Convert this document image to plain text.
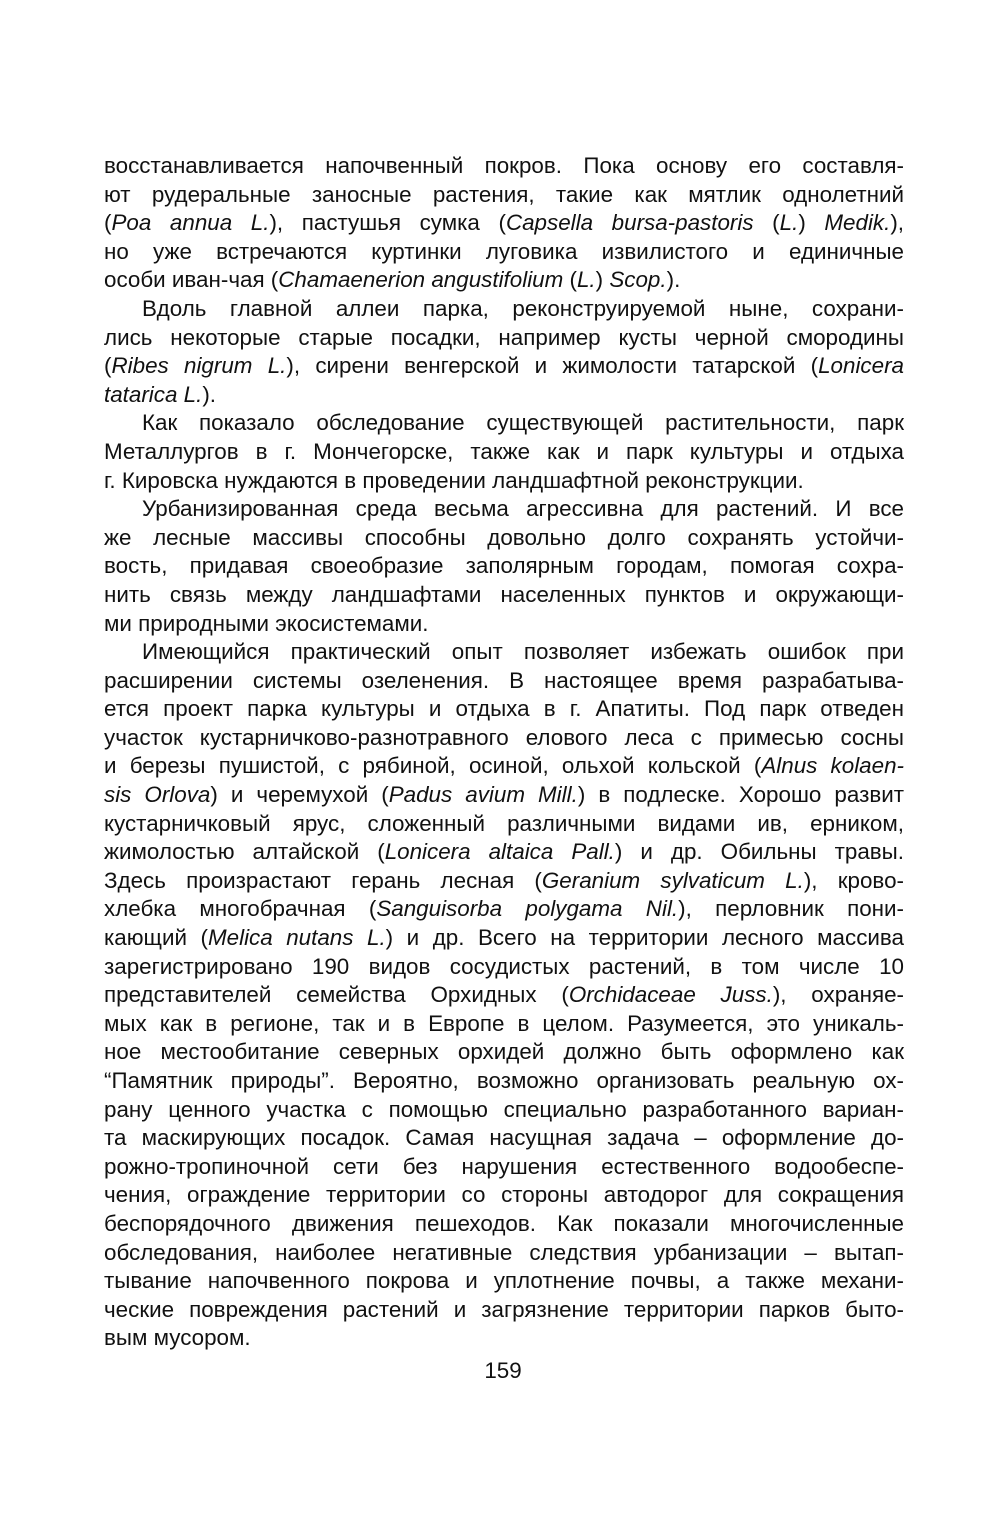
восстанавливается напочвенный покров. Пока основу его составля-
ют рудеральные заносные растения, такие как мятлик однолетний
(Poa annua L.), пастушья сумка (Capsella bursa-pastoris (L.) Medik.),
но уже встречаются куртинки луговика извилистого и единичные
особи иван-чая (Chamaenerion angustifolium (L.) Scop.).
Вдоль главной аллеи парка, реконструируемой ныне, сохрани-
лись некоторые старые посадки, например кусты черной смородины
(Ribes nigrum L.), сирени венгерской и жимолости татарской (Lonicera
tatarica L.).
Как показало обследование существующей растительности, парк
Металлургов в г. Мончегорске, также как и парк культуры и отдыха
г. Кировска нуждаются в проведении ландшафтной реконструкции.
Урбанизированная среда весьма агрессивна для растений. И все
же лесные массивы способны довольно долго сохранять устойчи-
вость, придавая своеобразие заполярным городам, помогая сохра-
нить связь между ландшафтами населенных пунктов и окружающи-
ми природными экосистемами.
Имеющийся практический опыт позволяет избежать ошибок при
расширении системы озеленения. В настоящее время разрабатыва-
ется проект парка культуры и отдыха в г. Апатиты. Под парк отведен
участок кустарничково-разнотравного елового леса с примесью сосны
и березы пушистой, с рябиной, осиной, ольхой кольской (Alnus kolaen-
sis Orlova) и черемухой (Padus avium Mill.) в подлеске. Хорошо развит
кустарничковый ярус, сложенный различными видами ив, ерником,
жимолостью алтайской (Lonicera altaica Pall.) и др. Обильны травы.
Здесь произрастают герань лесная (Geranium sylvaticum L.), крово-
хлебка многобрачная (Sanguisorba polygama Nil.), перловник пони-
кающий (Melica nutans L.) и др. Всего на территории лесного массива
зарегистрировано 190 видов сосудистых растений, в том числе 10
представителей семейства Орхидных (Orchidaceae Juss.), охраняе-
мых как в регионе, так и в Европе в целом. Разумеется, это уникаль-
ное местообитание северных орхидей должно быть оформлено как
“Памятник природы”. Вероятно, возможно организовать реальную ох-
рану ценного участка с помощью специально разработанного вариан-
та маскирующих посадок. Самая насущная задача – оформление до-
рожно-тропиночной сети без нарушения естественного водообеспе-
чения, ограждение территории со стороны автодорог для сокращения
беспорядочного движения пешеходов. Как показали многочисленные
обследования, наиболее негативные следствия урбанизации – вытап-
тывание напочвенного покрова и уплотнение почвы, а также механи-
ческие повреждения растений и загрязнение территории парков быто-
вым мусором.
159
